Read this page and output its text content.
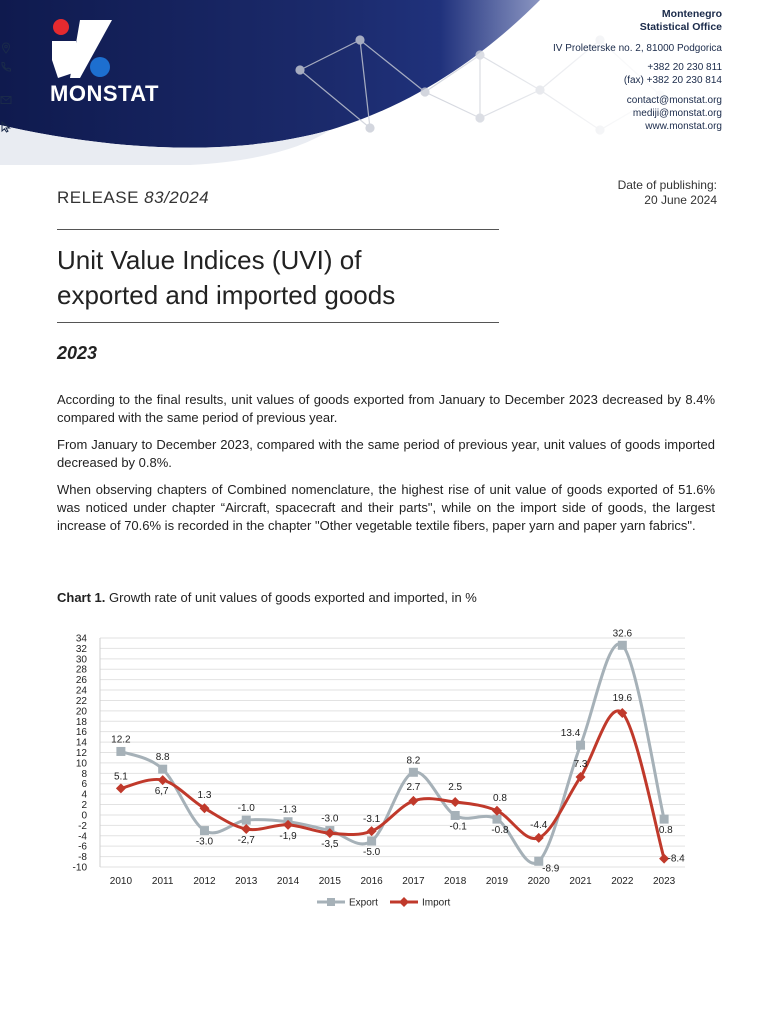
MONSTAT
Montenegro
Statistical Office
IV Proleterske no. 2, 81000 Podgorica
+382 20 230 811
(fax) +382 20 230 814
contact@monstat.org
mediji@monstat.org
www.monstat.org
RELEASE 83/2024
Date of publishing:
20 June 2024
Unit Value Indices (UVI) of
exported and imported goods
2023
According to the final results, unit values of goods exported from January to December 2023 decreased by 8.4% compared with the same period of previous year.
From January to December 2023, compared with the same period of previous year, unit values of goods imported decreased by 0.8%.
When observing chapters of Combined nomenclature, the highest rise of unit value of goods exported of 51.6% was noticed under chapter “Aircraft, spacecraft and their parts", while on the import side of goods, the largest increase of 70.6% is recorded in the chapter "Other vegetable textile fibers, paper yarn and paper yarn fabrics".
Chart 1. Growth rate of unit values of goods exported and imported, in %
34
32
30
28
26
24
22
20
18
16
14
12
10
8
6
4
2
0
-2
-4
-6
-8
-10
2010 2011 2012 2013 2014 2015 2016 2017 2018 2019 2020 2021 2022 2023
12.2
8.8
-3.0
-1.0 -1.3
-3.0
-5.0
8.2
-0.1 -0.8
-8.9
13.4
32.6
-0.8
5.1
6,7	1.3
-2,7 -1,9
-3,5
-3.1
2.7	2.5
0.8
-4.4
7.3
19.6
-8.4
Export	Import
